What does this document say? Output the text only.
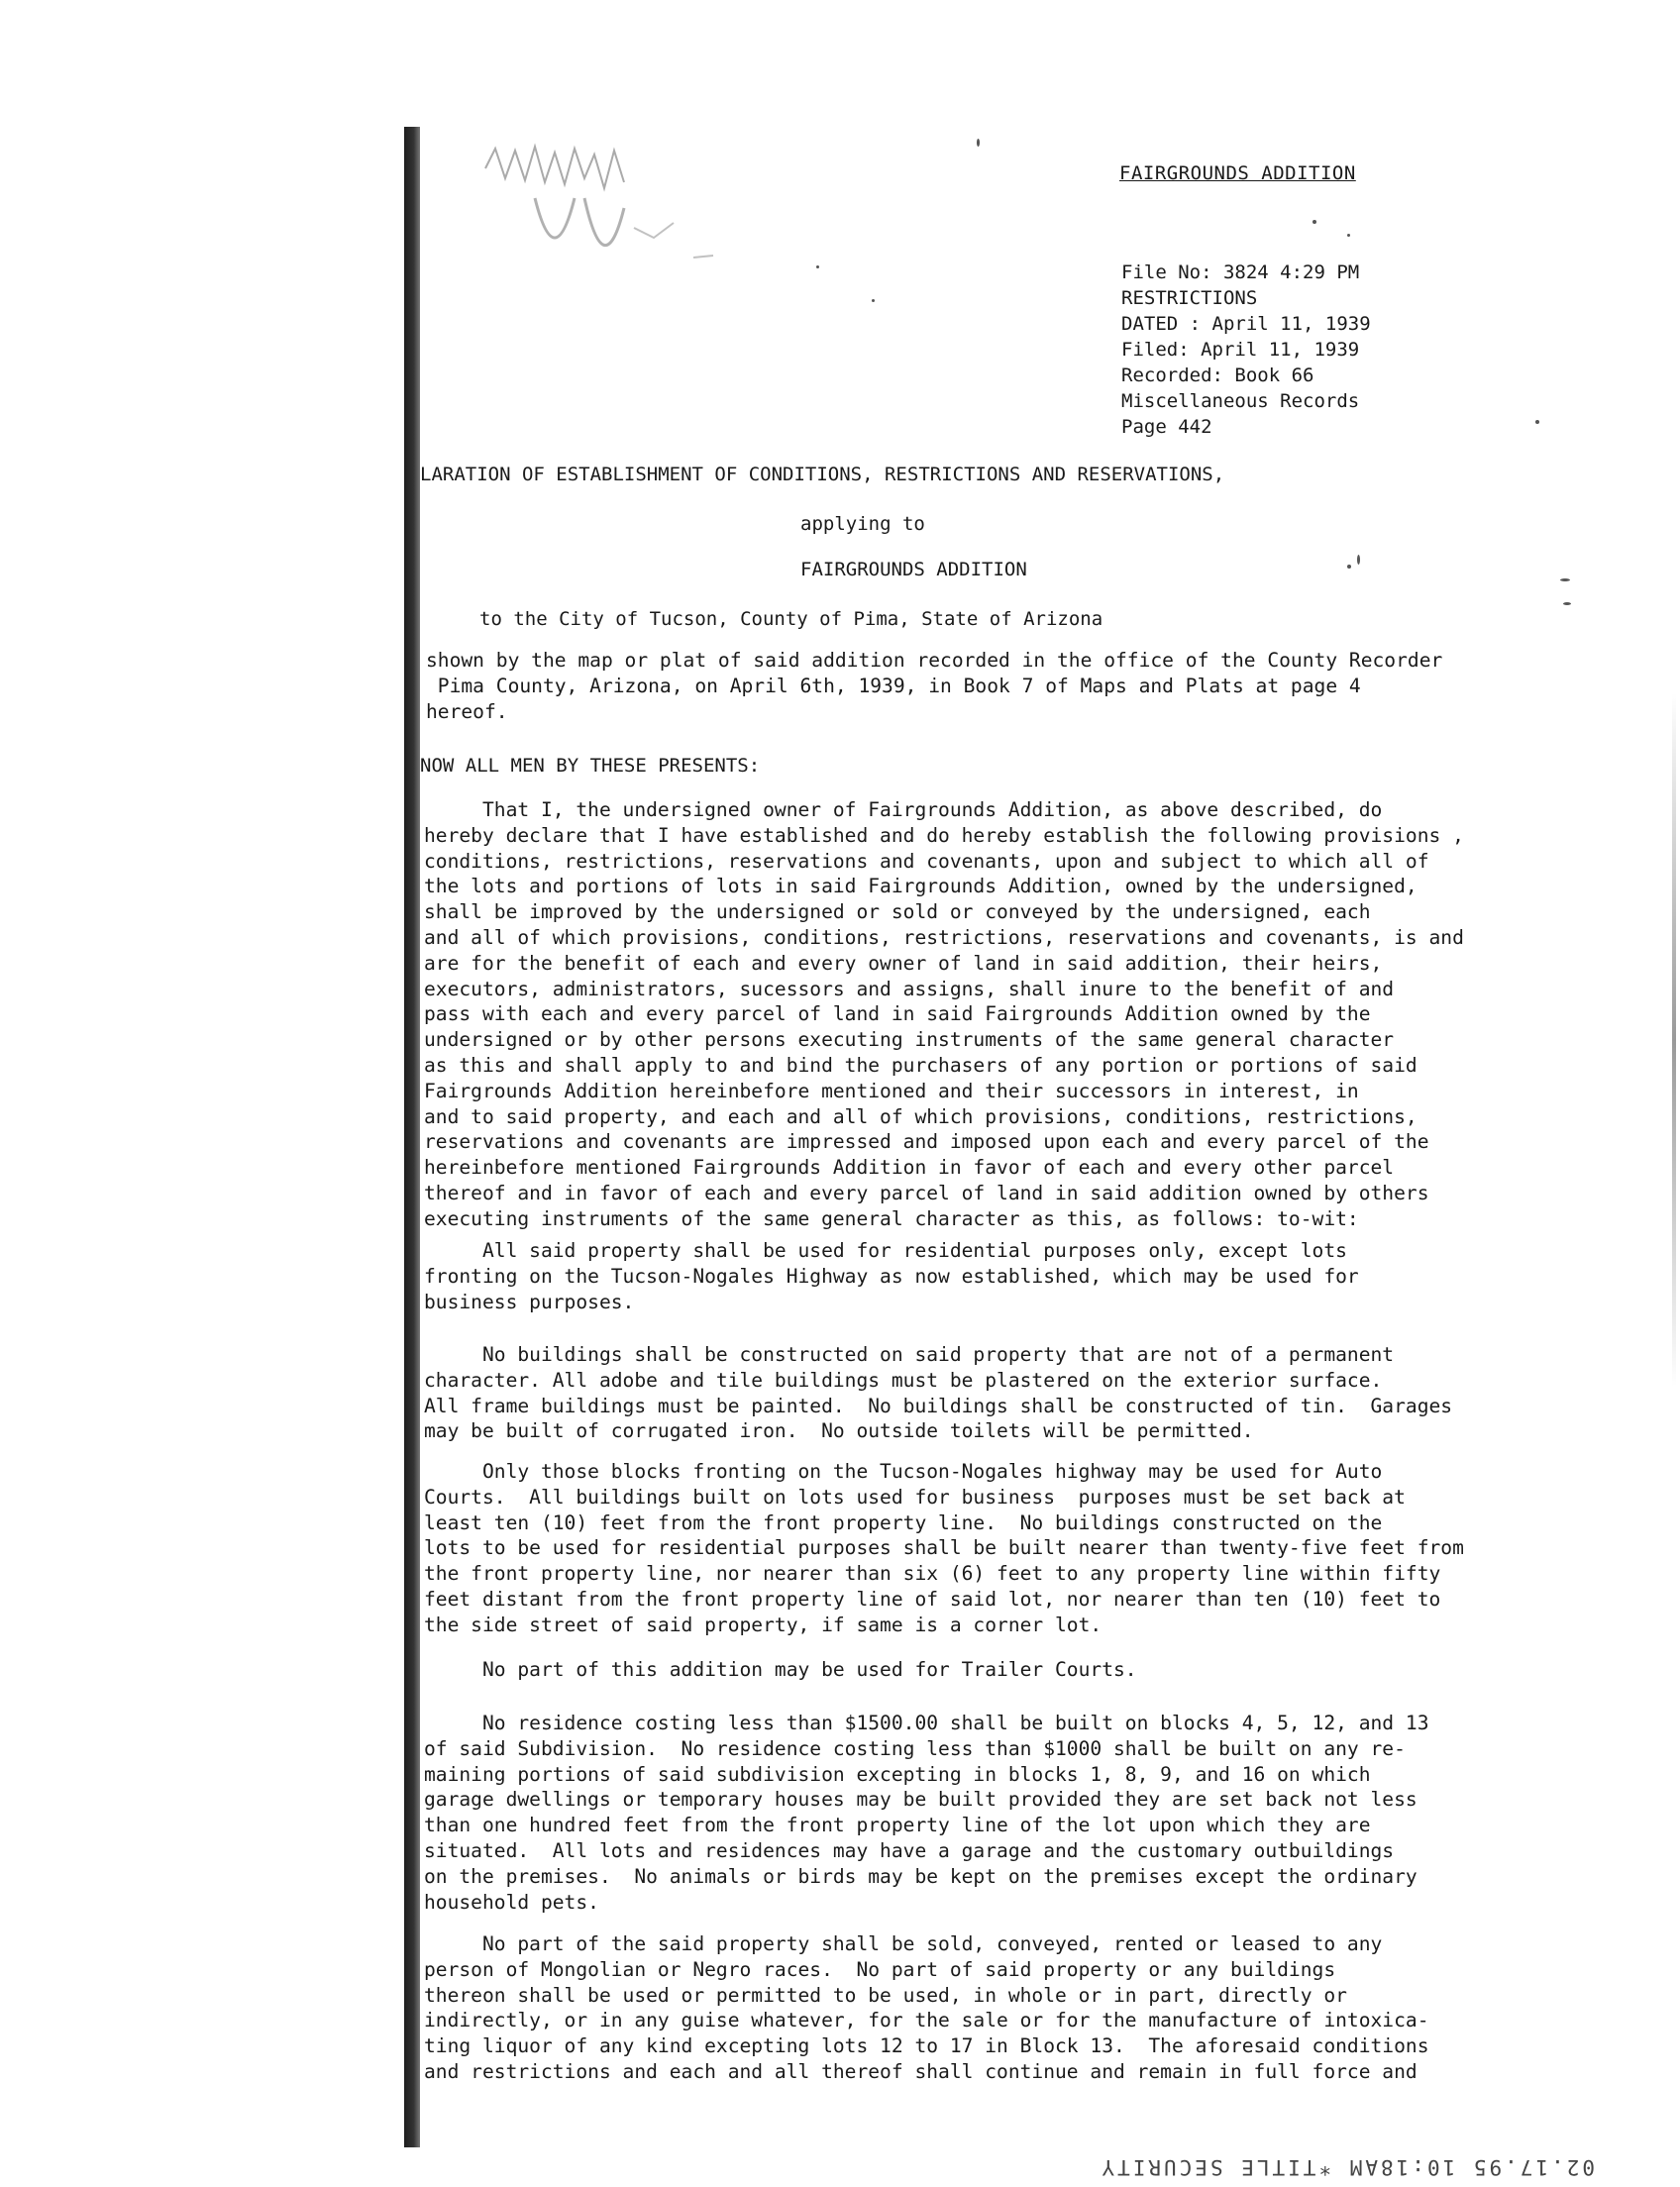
FAIRGROUNDS ADDITION
File No: 3824 4:29 PM
RESTRICTIONS
DATED : April 11, 1939
Filed: April 11, 1939
Recorded: Book 66
Miscellaneous Records
Page 442
LARATION OF ESTABLISHMENT OF CONDITIONS, RESTRICTIONS AND RESERVATIONS,
applying to
FAIRGROUNDS ADDITION
to the City of Tucson, County of Pima, State of Arizona
shown by the map or plat of said addition recorded in the office of the County Recorder
Pima County, Arizona, on April 6th, 1939, in Book 7 of Maps and Plats at page 4
hereof.
NOW ALL MEN BY THESE PRESENTS:
That I, the undersigned owner of Fairgrounds Addition, as above described, do
hereby declare that I have established and do hereby establish the following provisions ,
conditions, restrictions, reservations and covenants, upon and subject to which all of
the lots and portions of lots in said Fairgrounds Addition, owned by the undersigned,
shall be improved by the undersigned or sold or conveyed by the undersigned, each
and all of which provisions, conditions, restrictions, reservations and covenants, is and
are for the benefit of each and every owner of land in said addition, their heirs,
executors, administrators, sucessors and assigns, shall inure to the benefit of and
pass with each and every parcel of land in said Fairgrounds Addition owned by the
undersigned or by other persons executing instruments of the same general character
as this and shall apply to and bind the purchasers of any portion or portions of said
Fairgrounds Addition hereinbefore mentioned and their successors in interest, in
and to said property, and each and all of which provisions, conditions, restrictions,
reservations and covenants are impressed and imposed upon each and every parcel of the
hereinbefore mentioned Fairgrounds Addition in favor of each and every other parcel
thereof and in favor of each and every parcel of land in said addition owned by others
executing instruments of the same general character as this, as follows: to-wit:
All said property shall be used for residential purposes only, except lots
fronting on the Tucson-Nogales Highway as now established, which may be used for
business purposes.
No buildings shall be constructed on said property that are not of a permanent
character. All adobe and tile buildings must be plastered on the exterior surface.
All frame buildings must be painted.  No buildings shall be constructed of tin.  Garages
may be built of corrugated iron.  No outside toilets will be permitted.
Only those blocks fronting on the Tucson-Nogales highway may be used for Auto
Courts.  All buildings built on lots used for business  purposes must be set back at
least ten (10) feet from the front property line.  No buildings constructed on the
lots to be used for residential purposes shall be built nearer than twenty-five feet from
the front property line, nor nearer than six (6) feet to any property line within fifty
feet distant from the front property line of said lot, nor nearer than ten (10) feet to
the side street of said property, if same is a corner lot.
No part of this addition may be used for Trailer Courts.
No residence costing less than $1500.00 shall be built on blocks 4, 5, 12, and 13
of said Subdivision.  No residence costing less than $1000 shall be built on any re-
maining portions of said subdivision excepting in blocks 1, 8, 9, and 16 on which
garage dwellings or temporary houses may be built provided they are set back not less
than one hundred feet from the front property line of the lot upon which they are
situated.  All lots and residences may have a garage and the customary outbuildings
on the premises.  No animals or birds may be kept on the premises except the ordinary
household pets.
No part of the said property shall be sold, conveyed, rented or leased to any
person of Mongolian or Negro races.  No part of said property or any buildings
thereon shall be used or permitted to be used, in whole or in part, directly or
indirectly, or in any guise whatever, for the sale or for the manufacture of intoxica-
ting liquor of any kind excepting lots 12 to 17 in Block 13.  The aforesaid conditions
and restrictions and each and all thereof shall continue and remain in full force and
02.17.95 10:18AM *TITLE SECURITY
